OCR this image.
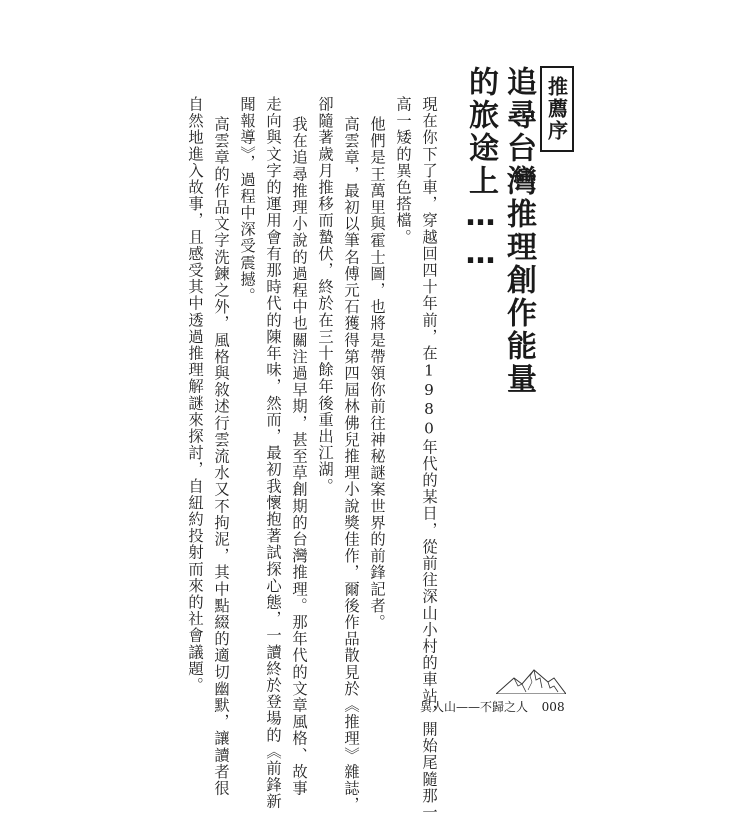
推薦序
追尋台灣推理創作能量
的旅途上……
現在你下了車，穿越回四十年前，在1980年代的某日，從前往深山小村的車站，開始尾隨那一
高一矮的異色搭檔。
他們是王萬里與霍士圖，也將是帶領你前往神秘謎案世界的前鋒記者。
高雲章，最初以筆名傅元石獲得第四屆林佛兒推理小說獎佳作，爾後作品散見於《推理》雜誌，
卻隨著歲月推移而蟄伏，終於在三十餘年後重出江湖。
我在追尋推理小說的過程中也關注過早期，甚至草創期的台灣推理。那年代的文章風格、故事
走向與文字的運用會有那時代的陳年味，然而，最初我懷抱著試探心態，一讀終於登場的《前鋒新
聞報導》，過程中深受震撼。
高雲章的作品文字洗鍊之外，風格與敘述行雲流水又不拘泥，其中點綴的適切幽默，讓讀者很
自然地進入故事，且感受其中透過推理解謎來探討，自紐約投射而來的社會議題。
異人山——不歸之人 008
